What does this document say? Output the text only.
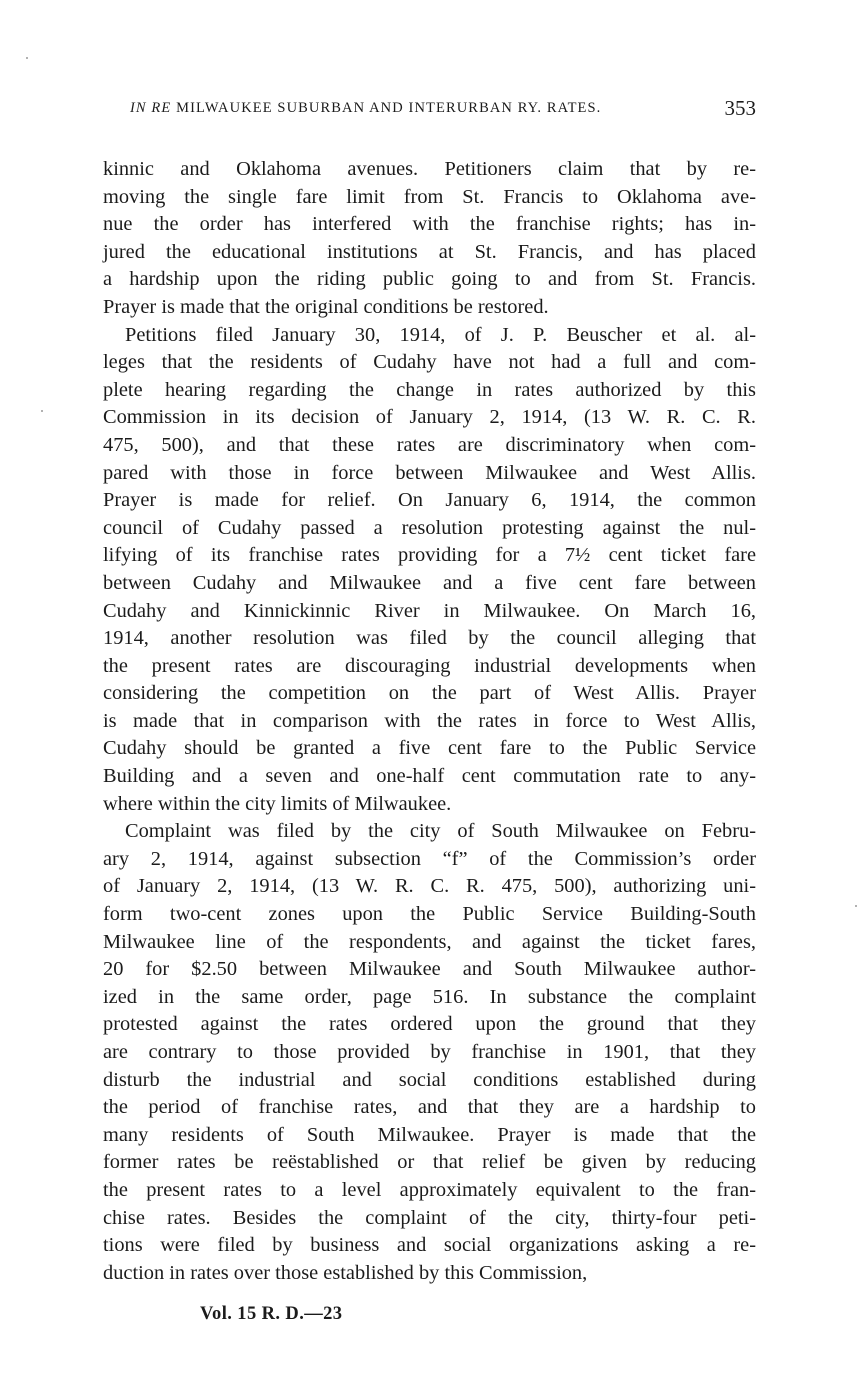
IN RE MILWAUKEE SUBURBAN AND INTERURBAN RY. RATES.	353
kinnic and Oklahoma avenues. Petitioners claim that by re-
moving the single fare limit from St. Francis to Oklahoma ave-
nue the order has interfered with the franchise rights; has in-
jured the educational institutions at St. Francis, and has placed
a hardship upon the riding public going to and from St. Francis.
Prayer is made that the original conditions be restored.
Petitions filed January 30, 1914, of J. P. Beuscher et al. al-
leges that the residents of Cudahy have not had a full and com-
plete hearing regarding the change in rates authorized by this
Commission in its decision of January 2, 1914, (13 W. R. C. R.
475, 500), and that these rates are discriminatory when com-
pared with those in force between Milwaukee and West Allis.
Prayer is made for relief. On January 6, 1914, the common
council of Cudahy passed a resolution protesting against the nul-
lifying of its franchise rates providing for a 7½ cent ticket fare
between Cudahy and Milwaukee and a five cent fare between
Cudahy and Kinnickinnic River in Milwaukee. On March 16,
1914, another resolution was filed by the council alleging that
the present rates are discouraging industrial developments when
considering the competition on the part of West Allis. Prayer
is made that in comparison with the rates in force to West Allis,
Cudahy should be granted a five cent fare to the Public Service
Building and a seven and one-half cent commutation rate to any-
where within the city limits of Milwaukee.
Complaint was filed by the city of South Milwaukee on Febru-
ary 2, 1914, against subsection “f” of the Commission’s order
of January 2, 1914, (13 W. R. C. R. 475, 500), authorizing uni-
form two-cent zones upon the Public Service Building-South
Milwaukee line of the respondents, and against the ticket fares,
20 for $2.50 between Milwaukee and South Milwaukee author-
ized in the same order, page 516. In substance the complaint
protested against the rates ordered upon the ground that they
are contrary to those provided by franchise in 1901, that they
disturb the industrial and social conditions established during
the period of franchise rates, and that they are a hardship to
many residents of South Milwaukee. Prayer is made that the
former rates be reëstablished or that relief be given by reducing
the present rates to a level approximately equivalent to the fran-
chise rates. Besides the complaint of the city, thirty-four peti-
tions were filed by business and social organizations asking a re-
duction in rates over those established by this Commission,
Vol. 15 R. D.—23
